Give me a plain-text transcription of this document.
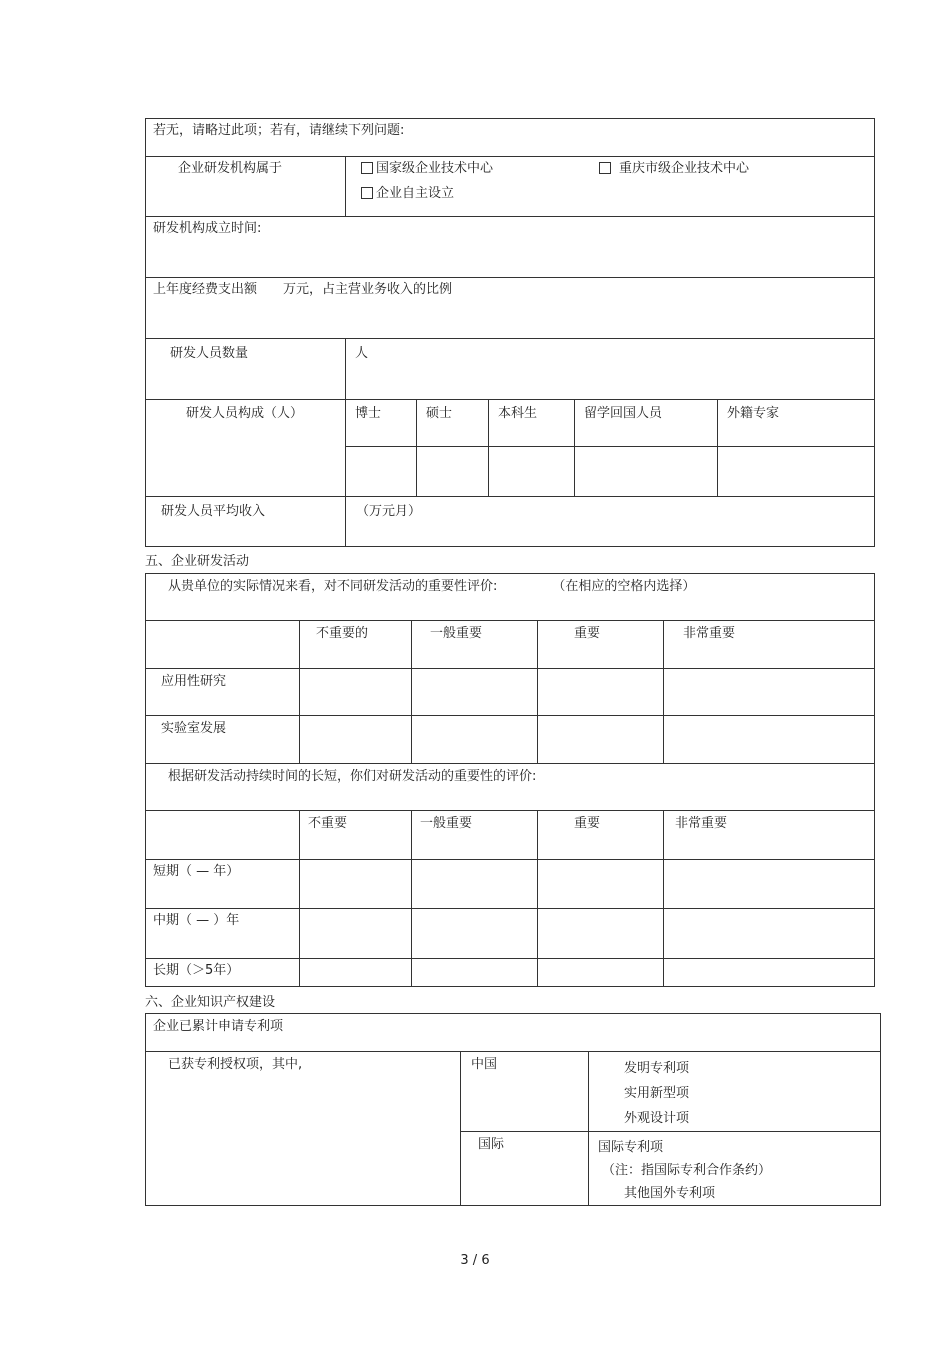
若无，请略过此项；若有，请继续下列问题:					

企业研发机构属于	国家级企业技术中心 重庆市级企业技术中心
企业自主设立				

研发机构成立时间:					

上年度经费支出额 万元，占主营业务收入的比例					

研发人员数量	人				

研发人员构成（人）	博士	硕士	本科生	留学回国人员	外籍专家

研发人员平均收入	（万元月）				
五、企业研发活动
从贵单位的实际情况来看，对不同研发活动的重要性评价: （在相应的空格内选择）				

	不重要的	一般重要	重要	非常重要

应用性研究				

实验室发展				

根据研发活动持续时间的长短，你们对研发活动的重要性的评价:				

	不重要	一般重要	重要	非常重要

短期（ — 年）				

中期（ — ）年				

长期（＞5年）				

六、企业知识产权建设
企业已累计申请专利项		

已获专利授权项，其中,	中国	发明专利项
实用新型项
外观设计项

	国际	国际专利项
（注：指国际专利合作条约）
其他国外专利项
3 / 6
